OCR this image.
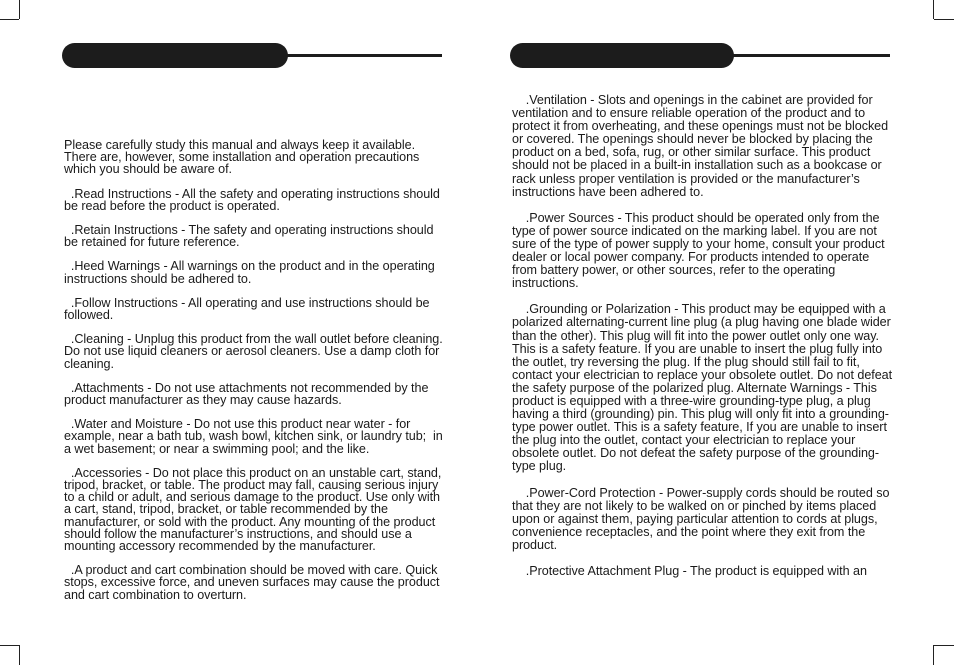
Please carefully study this manual and always keep it available. There are, however, some installation and operation precautions which you should be aware of.

.Read Instructions - All the safety and operating instructions should be read before the product is operated.

.Retain Instructions - The safety and operating instructions should be retained for future reference.

.Heed Warnings - All warnings on the product and in the operating instructions should be adhered to.

.Follow Instructions - All operating and use instructions should be followed.

.Cleaning - Unplug this product from the wall outlet before cleaning. Do not use liquid cleaners or aerosol cleaners. Use a damp cloth for cleaning.

.Attachments - Do not use attachments not recommended by the product manufacturer as they may cause hazards.

.Water and Moisture - Do not use this product near water - for example, near a bath tub, wash bowl, kitchen sink, or laundry tub;  in a wet basement; or near a swimming pool; and the like.

.Accessories - Do not place this product on an unstable cart, stand, tripod, bracket, or table. The product may fall, causing serious injury to a child or adult, and serious damage to the product. Use only with a cart, stand, tripod, bracket, or table recommended by the manufacturer, or sold with the product. Any mounting of the product should follow the manufacturer’s instructions, and should use a mounting accessory recommended by the manufacturer.

.A product and cart combination should be moved with care. Quick stops, excessive force, and uneven surfaces may cause the product and cart combination to overturn.

.Ventilation - Slots and openings in the cabinet are provided for ventilation and to ensure reliable operation of the product and to protect it from overheating, and these openings must not be blocked or covered. The openings should never be blocked by placing the product on a bed, sofa, rug, or other similar surface. This product should not be placed in a built-in installation such as a bookcase or rack unless proper ventilation is provided or the manufacturer’s instructions have been adhered to.

.Power Sources - This product should be operated only from the type of power source indicated on the marking label. If you are not sure of the type of power supply to your home, consult your product dealer or local power company. For products intended to operate from battery power, or other sources, refer to the operating instructions.

.Grounding or Polarization - This product may be equipped with a polarized alternating-current line plug (a plug having one blade wider than the other). This plug will fit into the power outlet only one way. This is a safety feature. If you are unable to insert the plug fully into the outlet, try reversing the plug. If the plug should still fail to fit, contact your electrician to replace your obsolete outlet. Do not defeat the safety purpose of the polarized plug. Alternate Warnings - This product is equipped with a three-wire grounding-type plug, a plug having a third (grounding) pin. This plug will only fit into a grounding-type power outlet. This is a safety feature, If you are unable to insert the plug into the outlet, contact your electrician to replace your obsolete outlet. Do not defeat the safety purpose of the grounding-type plug.

.Power-Cord Protection - Power-supply cords should be routed so that they are not likely to be walked on or pinched by items placed upon or against them, paying particular attention to cords at plugs, convenience receptacles, and the point where they exit from the product.

.Protective Attachment Plug - The product is equipped with an
